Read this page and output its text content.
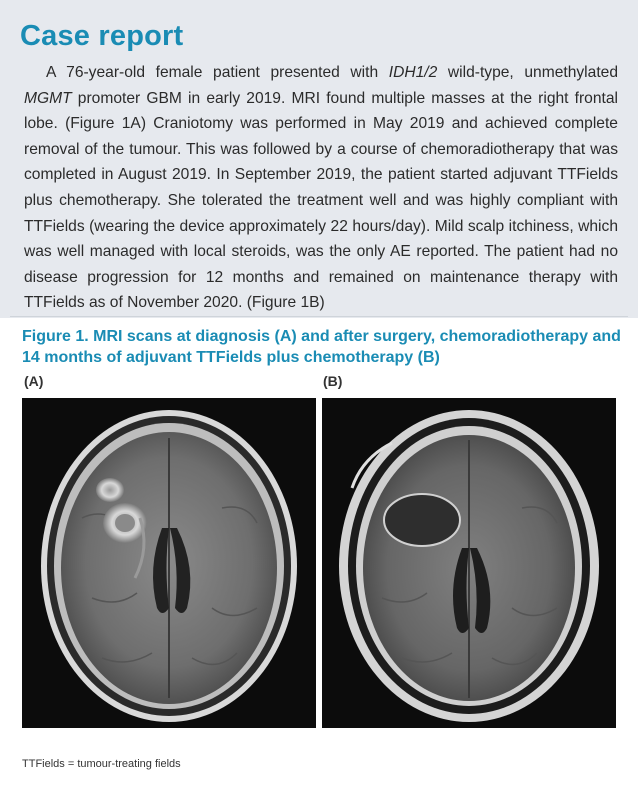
Case report

A 76-year-old female patient presented with IDH1/2 wild-type, unmethylated MGMT promoter GBM in early 2019. MRI found multiple masses at the right frontal lobe. (Figure 1A) Craniotomy was performed in May 2019 and achieved complete removal of the tumour. This was followed by a course of chemoradiotherapy that was completed in August 2019. In September 2019, the patient started adjuvant TTFields plus chemotherapy. She tolerated the treatment well and was highly compliant with TTFields (wearing the device approximately 22 hours/day). Mild scalp itchiness, which was well managed with local steroids, was the only AE reported. The patient had no disease progression for 12 months and remained on maintenance therapy with TTFields as of November 2020. (Figure 1B)

Figure 1. MRI scans at diagnosis (A) and after surgery, chemoradiotherapy and 14 months of adjuvant TTFields plus chemotherapy (B)

(A)	(B)
TTFields = tumour-treating fields
